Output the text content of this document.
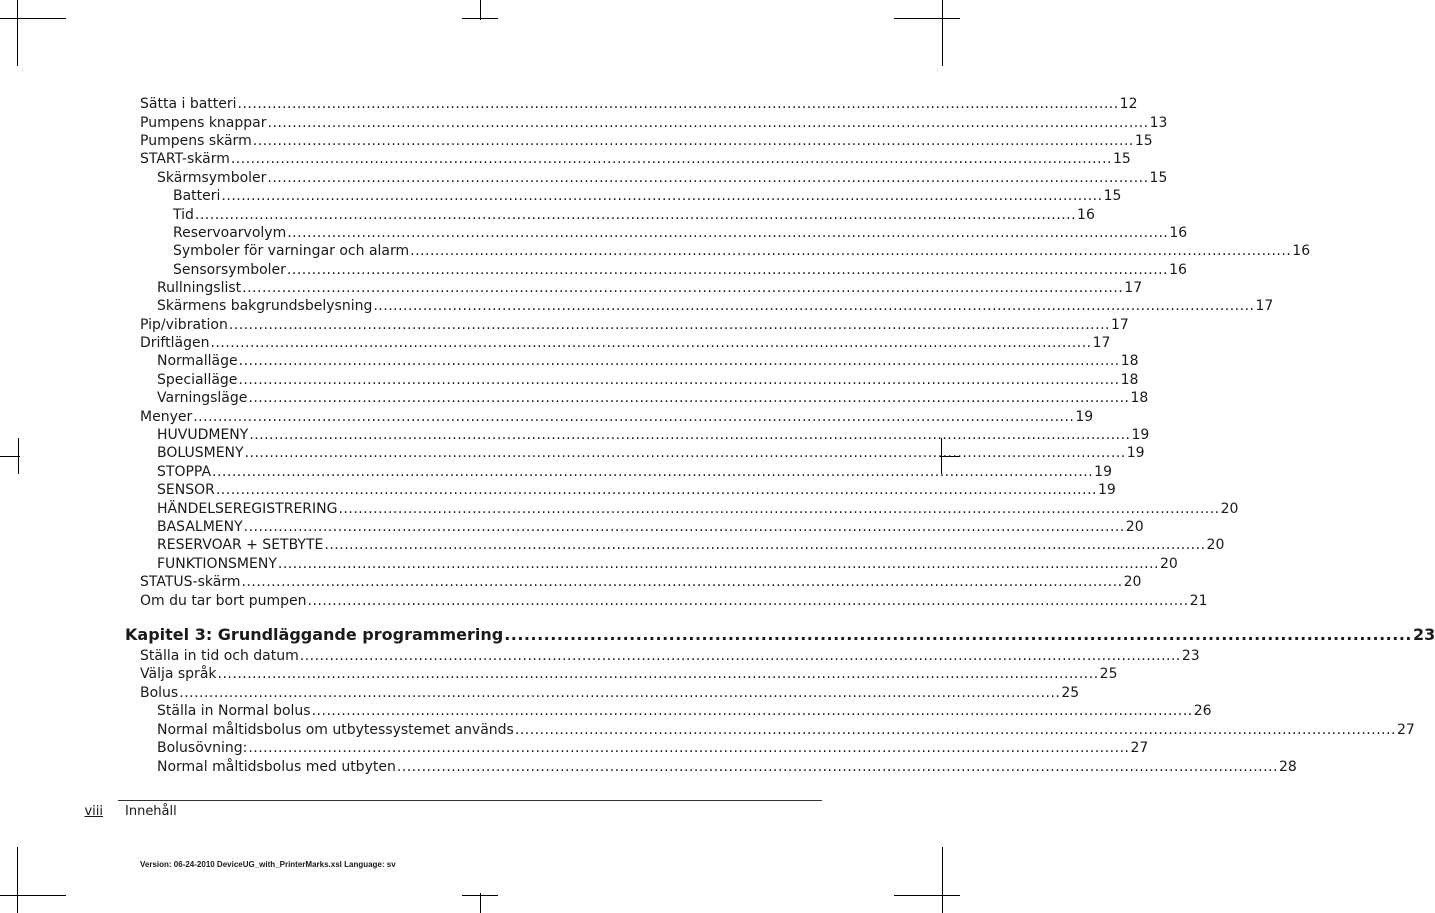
Sätta i batteri .................................................................................................................................................................................. 12
Pumpens knappar .................................................................................................................................................................................. 13
Pumpens skärm .................................................................................................................................................................................. 15
START-skärm .................................................................................................................................................................................. 15
Skärmsymboler .................................................................................................................................................................................. 15
Batteri .................................................................................................................................................................................. 15
Tid .................................................................................................................................................................................. 16
Reservoarvolym .................................................................................................................................................................................. 16
Symboler för varningar och alarm .................................................................................................................................................................................. 16
Sensorsymboler .................................................................................................................................................................................. 16
Rullningslist .................................................................................................................................................................................. 17
Skärmens bakgrundsbelysning .................................................................................................................................................................................. 17
Pip/vibration .................................................................................................................................................................................. 17
Driftlägen .................................................................................................................................................................................. 17
Normalläge .................................................................................................................................................................................. 18
Specialläge .................................................................................................................................................................................. 18
Varningsläge .................................................................................................................................................................................. 18
Menyer .................................................................................................................................................................................. 19
HUVUDMENY .................................................................................................................................................................................. 19
BOLUSMENY .................................................................................................................................................................................. 19
STOPPA .................................................................................................................................................................................. 19
SENSOR .................................................................................................................................................................................. 19
HÄNDELSEREGISTRERING .................................................................................................................................................................................. 20
BASALMENY .................................................................................................................................................................................. 20
RESERVOAR + SETBYTE .................................................................................................................................................................................. 20
FUNKTIONSMENY .................................................................................................................................................................................. 20
STATUS-skärm .................................................................................................................................................................................. 20
Om du tar bort pumpen .................................................................................................................................................................................. 21
Kapitel 3: Grundläggande programmering .......................................................................................................................................... 23
Ställa in tid och datum .................................................................................................................................................................................. 23
Välja språk .................................................................................................................................................................................. 25
Bolus .................................................................................................................................................................................. 25
Ställa in Normal bolus .................................................................................................................................................................................. 26
Normal måltidsbolus om utbytessystemet används .................................................................................................................................................................................. 27
Bolusövning: .................................................................................................................................................................................. 27
Normal måltidsbolus med utbyten .................................................................................................................................................................................. 28
viii Innehåll
Version: 06-24-2010 DeviceUG_with_PrinterMarks.xsl Language: sv
